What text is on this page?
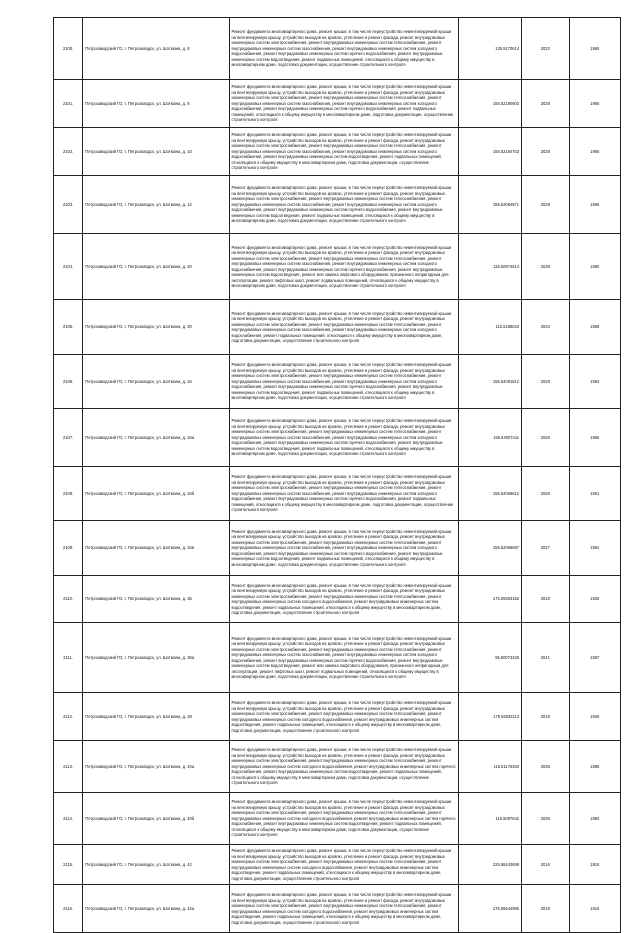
2100.	Петрозаводский ГО, г. Петрозаводск, ул. Шотмана, д. 8	Ремонт фундамента многоквартирного дома, ремонт крыши, в том числе переустройство невентилируемой крыши на вентилируемую крышу, устройство выходов на кровлю, утепление и ремонт фасада, ремонт внутридомовых инженерных систем электроснабжения, ремонт внутридомовых инженерных систем теплоснабжения, ремонт внутридомовых инженерных систем газоснабжения, ремонт внутридомовых инженерных систем холодного водоснабжения, ремонт внутридомовых инженерных систем горячего водоснабжения, ремонт внутридомовых инженерных систем водоотведения, ремонт подвальных помещений, относящихся к общему имуществу в многоквартирном доме, подготовка документации, осуществление строительного контроля	135.5170614	2022	1965
2101.	Петрозаводский ГО, г. Петрозаводск, ул. Шотмана, д. 9	Ремонт фундамента многоквартирного дома, ремонт крыши, в том числе переустройство невентилируемой крыши на вентилируемую крышу, устройство выходов на кровлю, утепление и ремонт фасада, ремонт внутридомовых инженерных систем электроснабжения, ремонт внутридомовых инженерных систем теплоснабжения, ремонт внутридомовых инженерных систем газоснабжения, ремонт внутридомовых инженерных систем холодного водоснабжения, ремонт внутридомовых инженерных систем горячего водоснабжения, ремонт подвальных помещений, относящихся к общему имуществу в многоквартирном доме, подготовка документации, осуществление строительного контроля	155.52190603	2028	1966
2102.	Петрозаводский ГО, г. Петрозаводск, ул. Шотмана, д. 10	Ремонт фундамента многоквартирного дома, ремонт крыши, в том числе переустройство невентилируемой крыши на вентилируемую крышу, устройство выходов на кровлю, утепление и ремонт фасада, ремонт внутридомовых инженерных систем электроснабжения, ремонт внутридомовых инженерных систем теплоснабжения, ремонт внутридомовых инженерных систем газоснабжения, ремонт внутридомовых инженерных систем холодного водоснабжения, ремонт внутридомовых инженерных систем водоотведения, ремонт подвальных помещений, относящихся к общему имуществу в многоквартирном доме, подготовка документации, осуществление строительного контроля	155.52194703	2028	1966
2103.	Петрозаводский ГО, г. Петрозаводск, ул. Шотмана, д. 12	Ремонт фундамента многоквартирного дома, ремонт крыши, в том числе переустройство невентилируемой крыши на вентилируемую крышу, устройство выходов на кровлю, утепление и ремонт фасада, ремонт внутридомовых инженерных систем электроснабжения, ремонт внутридомовых инженерных систем теплоснабжения, ремонт внутридомовых инженерных систем газоснабжения, ремонт внутридомовых инженерных систем холодного водоснабжения, ремонт внутридомовых инженерных систем горячего водоснабжения, ремонт внутридомовых инженерных систем водоотведения, ремонт подвальных помещений, относящихся к общему имуществу в многоквартирном доме, подготовка документации, осуществление строительного контроля	155.52084871	2028	1966
2104.	Петрозаводский ГО, г. Петрозаводск, ул. Шотмана, д. 20	Ремонт фундамента многоквартирного дома, ремонт крыши, в том числе переустройство невентилируемой крыши на вентилируемую крышу, устройство выходов на кровлю, утепление и ремонт фасада, ремонт внутридомовых инженерных систем электроснабжения, ремонт внутридомовых инженерных систем теплоснабжения, ремонт внутридомовых инженерных систем газоснабжения, ремонт внутридомовых инженерных систем холодного водоснабжения, ремонт внутридомовых инженерных систем горячего водоснабжения, ремонт внутридомовых инженерных систем водоотведения, ремонт или замена лифтового оборудования, признанного непригодным для эксплуатации, ремонт лифтовых шахт, ремонт подвальных помещений, относящихся к общему имуществу в многоквартирном доме, подготовка документации, осуществление строительного контроля	115.50974514	2038	1980
2105.	Петрозаводский ГО, г. Петрозаводск, ул. Шотмана, д. 30	Ремонт фундамента многоквартирного дома, ремонт крыши, в том числе переустройство невентилируемой крыши на вентилируемую крышу, устройство выходов на кровлю, утепление и ремонт фасада, ремонт внутридомовых инженерных систем электроснабжения, ремонт внутридомовых инженерных систем теплоснабжения, ремонт внутридомовых инженерных систем газоснабжения, ремонт внутридомовых инженерных систем холодного водоснабжения, ремонт подвальных помещений, относящихся к общему имуществу в многоквартирном доме, подготовка документации, осуществление строительного контроля	115.5188044	2034	1968
2106.	Петрозаводский ГО, г. Петрозаводск, ул. Шотмана, д. 34	Ремонт фундамента многоквартирного дома, ремонт крыши, в том числе переустройство невентилируемой крыши на вентилируемую крышу, устройство выходов на кровлю, утепление и ремонт фасада, ремонт внутридомовых инженерных систем электроснабжения, ремонт внутридомовых инженерных систем теплоснабжения, ремонт внутридомовых инженерных систем газоснабжения, ремонт внутридомовых инженерных систем холодного водоснабжения, ремонт внутридомовых инженерных систем горячего водоснабжения, ремонт внутридомовых инженерных систем водоотведения, ремонт подвальных помещений, относящихся к общему имуществу в многоквартирном доме, подготовка документации, осуществление строительного контроля	155.54091512	2028	1963
2107.	Петрозаводский ГО, г. Петрозаводск, ул. Шотмана, д. 34а	Ремонт фундамента многоквартирного дома, ремонт крыши, в том числе переустройство невентилируемой крыши на вентилируемую крышу, устройство выходов на кровлю, утепление и ремонт фасада, ремонт внутридомовых инженерных систем электроснабжения, ремонт внутридомовых инженерных систем теплоснабжения, ремонт внутридомовых инженерных систем газоснабжения, ремонт внутридомовых инженерных систем холодного водоснабжения, ремонт внутридомовых инженерных систем горячего водоснабжения, ремонт внутридомовых инженерных систем водоотведения, ремонт подвальных помещений, относящихся к общему имуществу в многоквартирном доме, подготовка документации, осуществление строительного контроля	155.53007411	2026	1965
2108.	Петрозаводский ГО, г. Петрозаводск, ул. Шотмана, д. 34б	Ремонт фундамента многоквартирного дома, ремонт крыши, в том числе переустройство невентилируемой крыши на вентилируемую крышу, устройство выходов на кровлю, утепление и ремонт фасада, ремонт внутридомовых инженерных систем электроснабжения, ремонт внутридомовых инженерных систем теплоснабжения, ремонт внутридомовых инженерных систем газоснабжения, ремонт внутридомовых инженерных систем холодного водоснабжения, ремонт внутридомовых инженерных систем горячего водоснабжения, ремонт подвальных помещений, относящихся к общему имуществу в многоквартирном доме, подготовка документации, осуществление строительного контроля	155.52069612	2026	1961
2109.	Петрозаводский ГО, г. Петрозаводск, ул. Шотмана, д. 34в	Ремонт фундамента многоквартирного дома, ремонт крыши, в том числе переустройство невентилируемой крыши на вентилируемую крышу, устройство выходов на кровлю, утепление и ремонт фасада, ремонт внутридомовых инженерных систем электроснабжения, ремонт внутридомовых инженерных систем теплоснабжения, ремонт внутридомовых инженерных систем газоснабжения, ремонт внутридомовых инженерных систем холодного водоснабжения, ремонт внутридомовых инженерных систем горячего водоснабжения, ремонт внутридомовых инженерных систем водоотведения, ремонт подвальных помещений, относящихся к общему имуществу в многоквартирном доме, подготовка документации, осуществление строительного контроля	155.52068697	2027	1962
2110.	Петрозаводский ГО, г. Петрозаводск, ул. Шотмана, д. 36	Ремонт фундамента многоквартирного дома, ремонт крыши, в том числе переустройство невентилируемой крыши на вентилируемую крышу, устройство выходов на кровлю, утепление и ремонт фасада, ремонт внутридомовых инженерных систем электроснабжения, ремонт внутридомовых инженерных систем теплоснабжения, ремонт внутридомовых инженерных систем холодного водоснабжения, ремонт внутридомовых инженерных систем водоотведения, ремонт подвальных помещений, относящихся к общему имуществу в многоквартирном доме, подготовка документации, осуществление строительного контроля	175.55953162	2019	1926
2111.	Петрозаводский ГО, г. Петрозаводск, ул. Шотмана, д. 36а	Ремонт фундамента многоквартирного дома, ремонт крыши, в том числе переустройство невентилируемой крыши на вентилируемую крышу, устройство выходов на кровлю, утепление и ремонт фасада, ремонт внутридомовых инженерных систем электроснабжения, ремонт внутридомовых инженерных систем теплоснабжения, ремонт внутридомовых инженерных систем газоснабжения, ремонт внутридомовых инженерных систем холодного водоснабжения, ремонт внутридомовых инженерных систем горячего водоснабжения, ремонт внутридомовых инженерных систем водоотведения, ремонт или замена лифтового оборудования, признанного непригодным для эксплуатации, ремонт лифтовых шахт, ремонт подвальных помещений, относящихся к общему имуществу в многоквартирном доме, подготовка документации, осуществление строительного контроля	95.50073436	2041	1987
2112.	Петрозаводский ГО, г. Петрозаводск, ул. Шотмана, д. 38	Ремонт фундамента многоквартирного дома, ремонт крыши, в том числе переустройство невентилируемой крыши на вентилируемую крышу, устройство выходов на кровлю, утепление и ремонт фасада, ремонт внутридомовых инженерных систем электроснабжения, ремонт внутридомовых инженерных систем теплоснабжения, ремонт внутридомовых инженерных систем холодного водоснабжения, ремонт внутридомовых инженерных систем водоотведения, ремонт подвальных помещений, относящихся к общему имуществу в многоквартирном доме, подготовка документации, осуществление строительного контроля	175.56032113	2019	1926
2113.	Петрозаводский ГО, г. Петрозаводск, ул. Шотмана, д. 40а	Ремонт фундамента многоквартирного дома, ремонт крыши, в том числе переустройство невентилируемой крыши на вентилируемую крышу, устройство выходов на кровлю, утепление и ремонт фасада, ремонт внутридомовых инженерных систем электроснабжения, ремонт внутридомовых инженерных систем теплоснабжения, ремонт внутридомовых инженерных систем холодного водоснабжения, ремонт внутридомовых инженерных систем горячего водоснабжения, ремонт внутридомовых инженерных систем водоотведения, ремонт подвальных помещений, относящихся к общему имуществу в многоквартирном доме, подготовка документации, осуществление строительного контроля	115.51176493	2036	1985
2114.	Петрозаводский ГО, г. Петрозаводск, ул. Шотмана, д. 40б	Ремонт фундамента многоквартирного дома, ремонт крыши, в том числе переустройство невентилируемой крыши на вентилируемую крышу, устройство выходов на кровлю, утепление и ремонт фасада, ремонт внутридомовых инженерных систем электроснабжения, ремонт внутридомовых инженерных систем теплоснабжения, ремонт внутридомовых инженерных систем холодного водоснабжения, ремонт внутридомовых инженерных систем горячего водоснабжения, ремонт внутридомовых инженерных систем водоотведения, ремонт подвальных помещений, относящихся к общему имуществу в многоквартирном доме, подготовка документации, осуществление строительного контроля	115.5097642	2036	1984
2115.	Петрозаводский ГО, г. Петрозаводск, ул. Шотмана, д. 42	Ремонт фундамента многоквартирного дома, ремонт крыши, в том числе переустройство невентилируемой крыши на вентилируемую крышу, устройство выходов на кровлю, утепление и ремонт фасада, ремонт внутридомовых инженерных систем электроснабжения, ремонт внутридомовых инженерных систем теплоснабжения, ремонт внутридомовых инженерных систем холодного водоснабжения, ремонт внутридомовых инженерных систем водоотведения, ремонт подвальных помещений, относящихся к общему имуществу в многоквартирном доме, подготовка документации, осуществление строительного контроля	225.58443699	2016	1915
2116.	Петрозаводский ГО, г. Петрозаводск, ул. Шотмана, д. 42а	Ремонт фундамента многоквартирного дома, ремонт крыши, в том числе переустройство невентилируемой крыши на вентилируемую крышу, устройство выходов на кровлю, утепление и ремонт фасада, ремонт внутридомовых инженерных систем электроснабжения, ремонт внутридомовых инженерных систем теплоснабжения, ремонт внутридомовых инженерных систем холодного водоснабжения, ремонт внутридомовых инженерных систем водоотведения, ремонт подвальных помещений, относящихся к общему имуществу в многоквартирном доме, подготовка документации, осуществление строительного контроля	175.55644986	2019	1915
